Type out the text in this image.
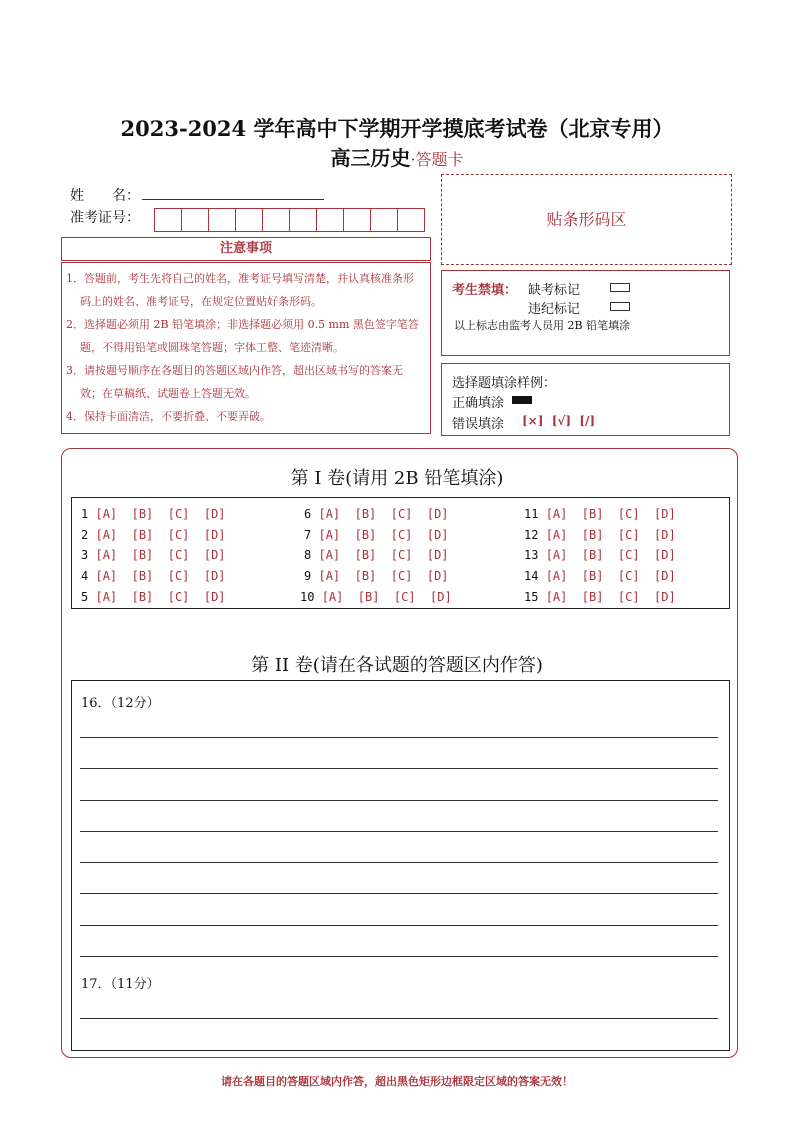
2023-2024 学年高中下学期开学摸底考试卷（北京专用）
高三历史·答题卡
姓　　名：
准考证号：	贴条形码区
注意事项
1．答题前，考生先将自己的姓名，准考证号填写清楚，并认真核准条形码上的姓名、准考证号，在规定位置贴好条形码。
2．选择题必须用 2B 铅笔填涂；非选择题必须用 0.5 mm 黑色签字笔答题，不得用铅笔或圆珠笔答题；字体工整、笔迹清晰。
3．请按题号顺序在各题目的答题区域内作答，超出区域书写的答案无效；在草稿纸、试题卷上答题无效。
4．保持卡面清洁，不要折叠、不要弄破。
考生禁填： 缺考标记
违纪标记
以上标志由监考人员用 2B 铅笔填涂
选择题填涂样例：
正确填涂
错误填涂 [×]  [√]  [/]
第 I 卷(请用 2B 铅笔填涂)
1 [A]  [B]  [C]  [D]
2 [A]  [B]  [C]  [D]
3 [A]  [B]  [C]  [D]
4 [A]  [B]  [C]  [D]
5 [A]  [B]  [C]  [D]
6 [A]  [B]  [C]  [D]
7 [A]  [B]  [C]  [D]
8 [A]  [B]  [C]  [D]
9 [A]  [B]  [C]  [D]
10 [A]  [B]  [C]  [D]
11 [A]  [B]  [C]  [D]
12 [A]  [B]  [C]  [D]
13 [A]  [B]  [C]  [D]
14 [A]  [B]  [C]  [D]
15 [A]  [B]  [C]  [D]
第 II 卷(请在各试题的答题区内作答)
16．（12分）
17．（11分）
请在各题目的答题区域内作答，超出黑色矩形边框限定区域的答案无效！
